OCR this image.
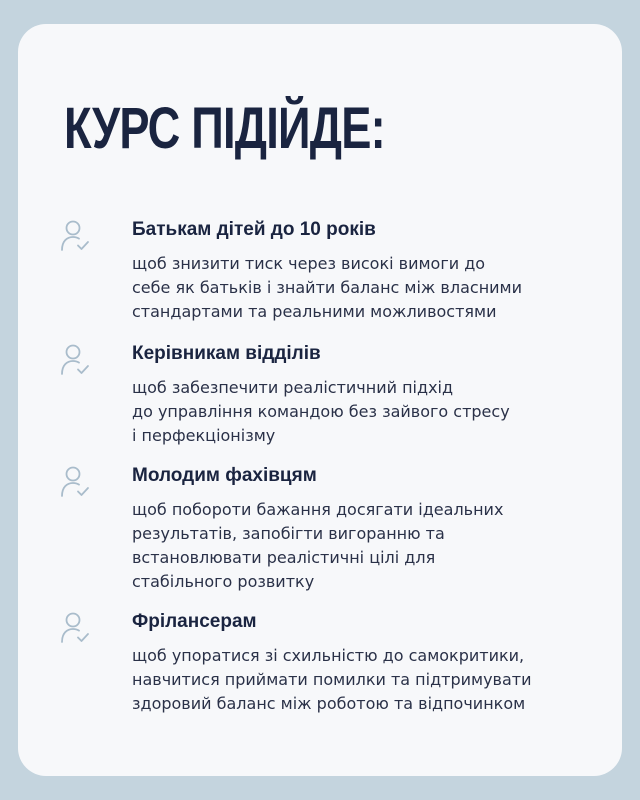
КУРС ПІДІЙДЕ:
Батькам дітей до 10 років

щоб знизити тиск через високі вимоги до
себе як батьків і знайти баланс між власними
стандартами та реальними можливостями

Керівникам відділів

щоб забезпечити реалістичний підхід
до управління командою без зайвого стресу
і перфекціонізму

Молодим фахівцям

щоб побороти бажання досягати ідеальних
результатів, запобігти вигоранню та
встановлювати реалістичні цілі для
стабільного розвитку

Фрілансерам

щоб упоратися зі схильністю до самокритики,
навчитися приймати помилки та підтримувати
здоровий баланс між роботою та відпочинком
